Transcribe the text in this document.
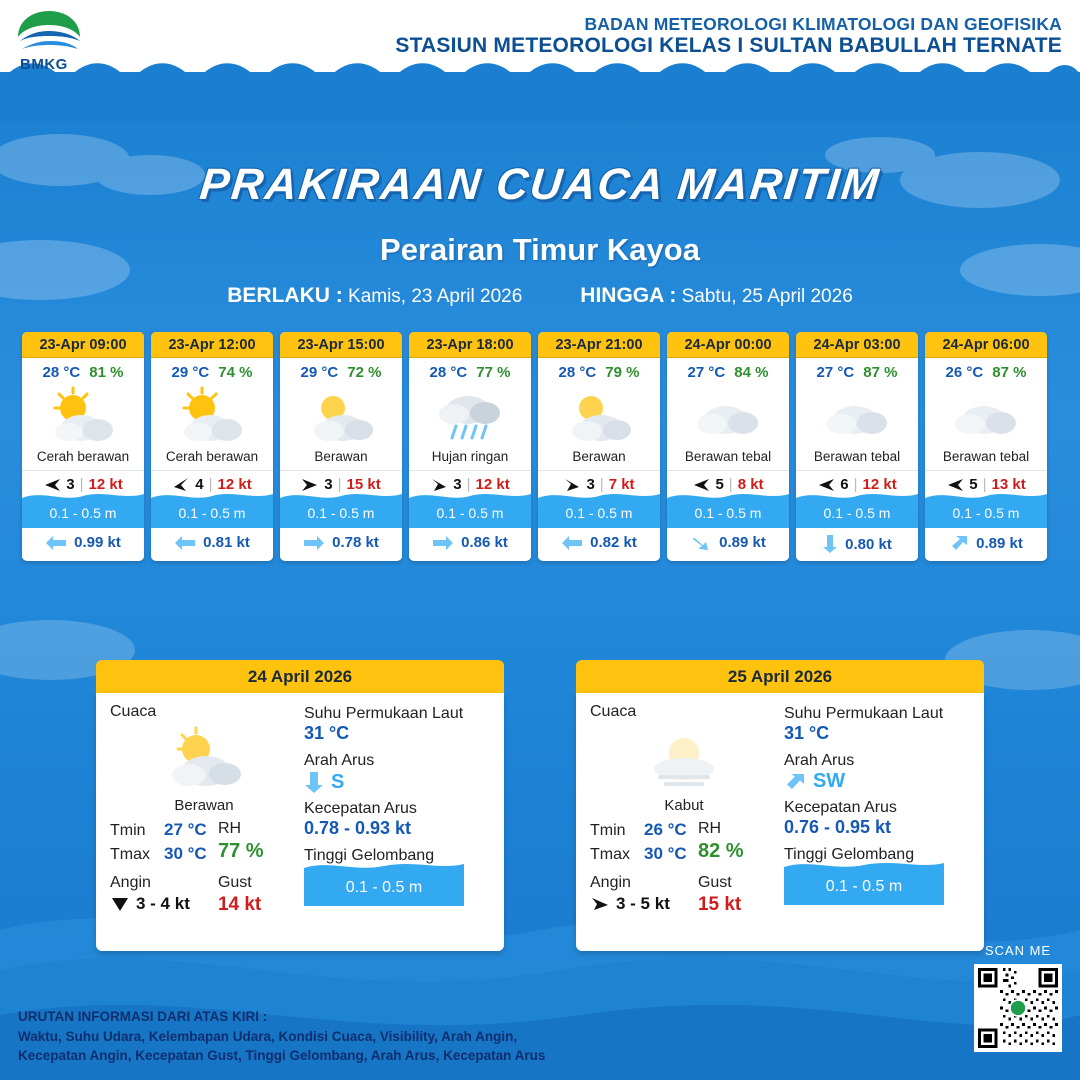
BADAN METEOROLOGI KLIMATOLOGI DAN GEOFISIKA
STASIUN METEOROLOGI KELAS I SULTAN BABULLAH TERNATE
BMKG
PRAKIRAAN CUACA MARITIM
Perairan Timur Kayoa
BERLAKU : Kamis, 23 April 2026	HINGGA : Sabtu, 25 April 2026
23-Apr 09:00
28 °C 81 %
Cerah berawan
3 | 12 kt
0.1 - 0.5 m
0.99 kt
23-Apr 12:00
29 °C 74 %
Cerah berawan
4 | 12 kt
0.1 - 0.5 m
0.81 kt
23-Apr 15:00
29 °C 72 %
Berawan
3 | 15 kt
0.1 - 0.5 m
0.78 kt
23-Apr 18:00
28 °C 77 %
Hujan ringan
3 | 12 kt
0.1 - 0.5 m
0.86 kt
23-Apr 21:00
28 °C 79 %
Berawan
3 | 7 kt
0.1 - 0.5 m
0.82 kt
24-Apr 00:00
27 °C 84 %
Berawan tebal
5 | 8 kt
0.1 - 0.5 m
0.89 kt
24-Apr 03:00
27 °C 87 %
Berawan tebal
6 | 12 kt
0.1 - 0.5 m
0.80 kt
24-Apr 06:00
26 °C 87 %
Berawan tebal
5 | 13 kt
0.1 - 0.5 m
0.89 kt
24 April 2026
Cuaca
Berawan
Tmin	27 °C
Tmax 30 °C
RH
77 %
Angin
3 - 4 kt
Gust
14 kt
Suhu Permukaan Laut
31 °C
Arah Arus
S
Kecepatan Arus
0.78 - 0.93 kt
Tinggi Gelombang
0.1 - 0.5 m
25 April 2026
Cuaca
Kabut
Tmin	26 °C
Tmax 30 °C
RH
82 %
Angin
3 - 5 kt
Gust
15 kt
Suhu Permukaan Laut
31 °C
Arah Arus
SW
Kecepatan Arus
0.76 - 0.95 kt
Tinggi Gelombang
0.1 - 0.5 m
URUTAN INFORMASI DARI ATAS KIRI :
Waktu, Suhu Udara, Kelembapan Udara, Kondisi Cuaca, Visibility, Arah Angin,
Kecepatan Angin, Kecepatan Gust, Tinggi Gelombang, Arah Arus, Kecepatan Arus
SCAN ME
